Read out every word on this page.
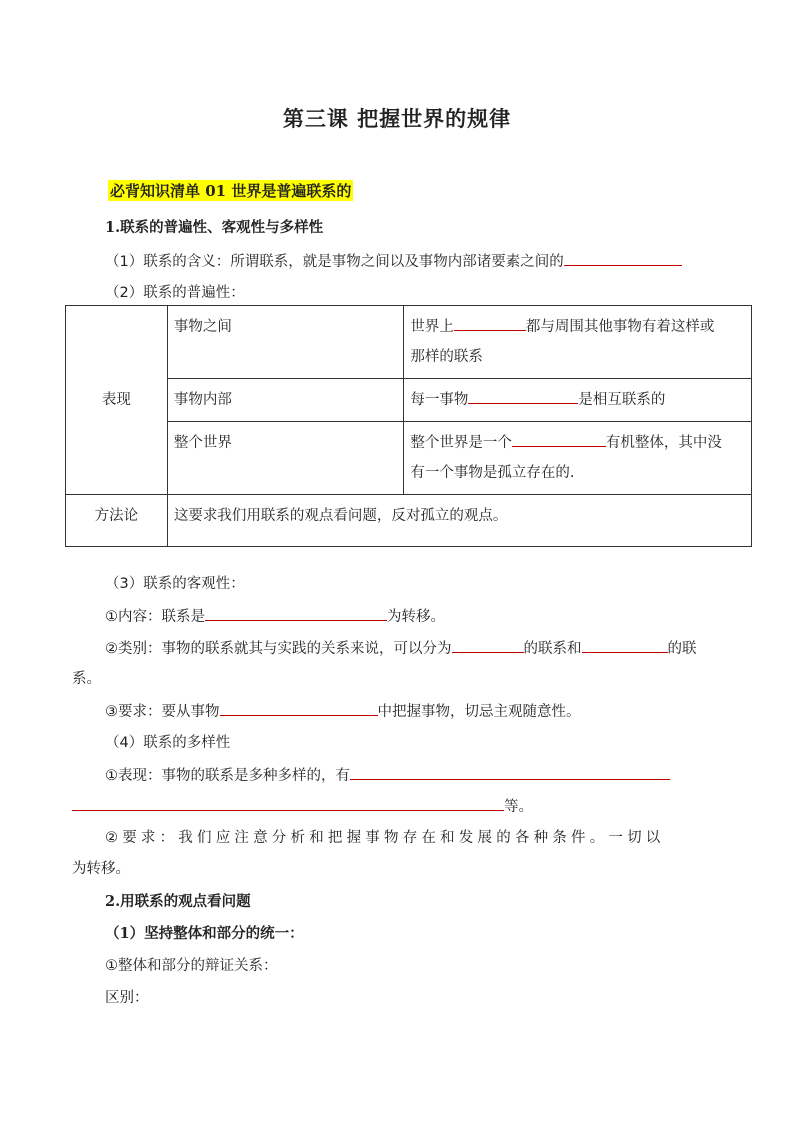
第三课 把握世界的规律
必背知识清单 01 世界是普遍联系的
1.联系的普遍性、客观性与多样性
（1）联系的含义：所谓联系，就是事物之间以及事物内部诸要素之间的
（2）联系的普遍性：
表现	事物之间	世界上 都与周围其他事物有着这样或
那样的联系
	事物内部	每一事物 是相互联系的
	整个世界	整个世界是一个 有机整体，其中没
有一个事物是孤立存在的.
方法论	这要求我们用联系的观点看问题，反对孤立的观点。	
（3）联系的客观性：
①内容：联系是	为转移。
②类别：事物的联系就其与实践的关系来说，可以分为	的联系和	的联
系。
③要求：要从事物	中把握事物，切忌主观随意性。
（4）联系的多样性
①表现：事物的联系是多种多样的，有
等。
②要求：我们应注意分析和把握事物存在和发展的各种条件。一切以
为转移。
2.用联系的观点看问题
（1）坚持整体和部分的统一：
①整体和部分的辩证关系：
区别：
